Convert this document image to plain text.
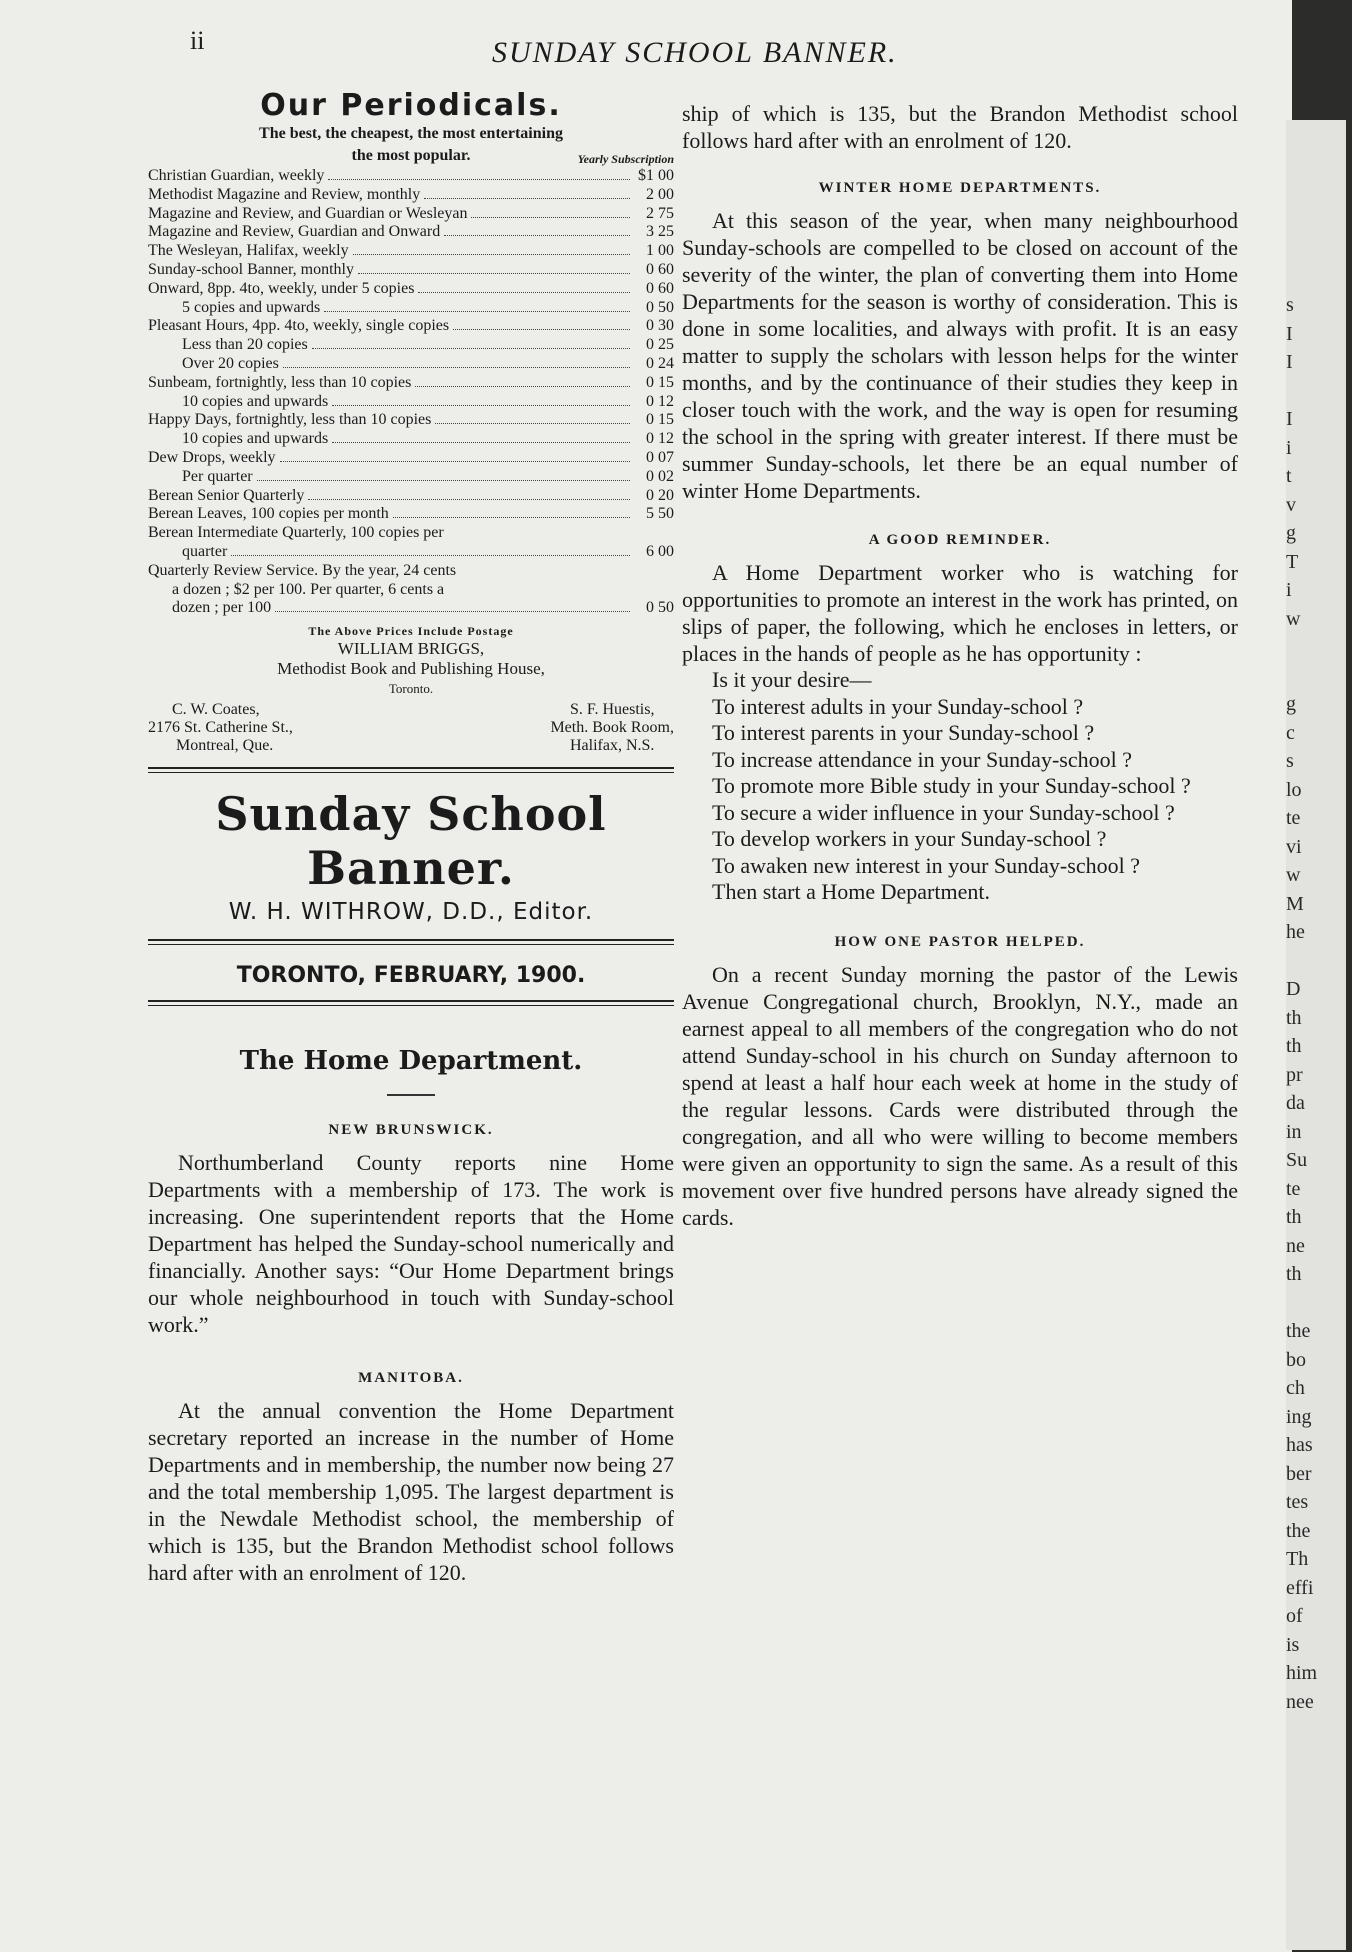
ii	SUNDAY SCHOOL BANNER.
Our Periodicals.
The best, the cheapest, the most entertaining
the most popular.	Yearly Subscription
Christian Guardian, weekly	$1 00
Methodist Magazine and Review, monthly	2 00
Magazine and Review, and Guardian or Wesleyan	2 75
Magazine and Review, Guardian and Onward	3 25
The Wesleyan, Halifax, weekly	1 00
Sunday-school Banner, monthly	0 60
Onward, 8pp. 4to, weekly, under 5 copies	0 60
5 copies and upwards	0 50
Pleasant Hours, 4pp. 4to, weekly, single copies	0 30
Less than 20 copies	0 25
Over 20 copies	0 24
Sunbeam, fortnightly, less than 10 copies	0 15
10 copies and upwards	0 12
Happy Days, fortnightly, less than 10 copies	0 15
10 copies and upwards	0 12
Dew Drops, weekly	0 07
Per quarter	0 02
Berean Senior Quarterly	0 20
Berean Leaves, 100 copies per month	5 50
Berean Intermediate Quarterly, 100 copies per
quarter	6 00
Quarterly Review Service. By the year, 24 cents
a dozen ; $2 per 100. Per quarter, 6 cents a
dozen ; per 100	0 50
The Above Prices Include Postage
WILLIAM BRIGGS,
Methodist Book and Publishing House,
Toronto.
C. W. Coates,
2176 St. Catherine St.,
Montreal, Que.
S. F. Huestis,
Meth. Book Room,
Halifax, N.S.
Sunday School Banner.
W. H. WITHROW, D.D., Editor.
TORONTO, FEBRUARY, 1900.
The Home Department.
NEW BRUNSWICK.

Northumberland County reports nine Home Departments with a membership of 173. The work is increasing. One superintendent reports that the Home Department has helped the Sunday-school numerically and financially. Another says: “Our Home Department brings our whole neighbourhood in touch with Sunday-school work.”

MANITOBA.

At the annual convention the Home Department secretary reported an increase in the number of Home Departments and in membership, the number now being 27 and the total membership 1,095. The largest department is in the Newdale Methodist school, the membership of which is 135, but the Brandon Methodist school follows hard after with an enrolment of 120.

ship of which is 135, but the Brandon Methodist school follows hard after with an enrolment of 120.

WINTER HOME DEPARTMENTS.

At this season of the year, when many neighbourhood Sunday-schools are compelled to be closed on account of the severity of the winter, the plan of converting them into Home Departments for the season is worthy of consideration. This is done in some localities, and always with profit. It is an easy matter to supply the scholars with lesson helps for the winter months, and by the continuance of their studies they keep in closer touch with the work, and the way is open for resuming the school in the spring with greater interest. If there must be summer Sunday-schools, let there be an equal number of winter Home Departments.

A GOOD REMINDER.

A Home Department worker who is watching for opportunities to promote an interest in the work has printed, on slips of paper, the following, which he encloses in letters, or places in the hands of people as he has opportunity :

Is it your desire—

To interest adults in your Sunday-school ?

To interest parents in your Sunday-school ?

To increase attendance in your Sunday-school ?

To promote more Bible study in your Sunday-school ?

To secure a wider influence in your Sunday-school ?

To develop workers in your Sunday-school ?

To awaken new interest in your Sunday-school ?

Then start a Home Department.

HOW ONE PASTOR HELPED.

On a recent Sunday morning the pastor of the Lewis Avenue Congregational church, Brooklyn, N.Y., made an earnest appeal to all members of the congregation who do not attend Sunday-school in his church on Sunday afternoon to spend at least a half hour each week at home in the study of the regular lessons. Cards were distributed through the congregation, and all who were willing to become members were given an opportunity to sign the same. As a result of this movement over five hundred persons have already signed the cards.

s
I
I

I
i
t
v
g
T
i
w

g
c
s
lo
te
vi
w
M
he

D
th
th
pr
da
in
Su
te
th
ne
th

the
bo
ch
ing
has
ber
tes
the
Th
effi
of
is
him
nee
